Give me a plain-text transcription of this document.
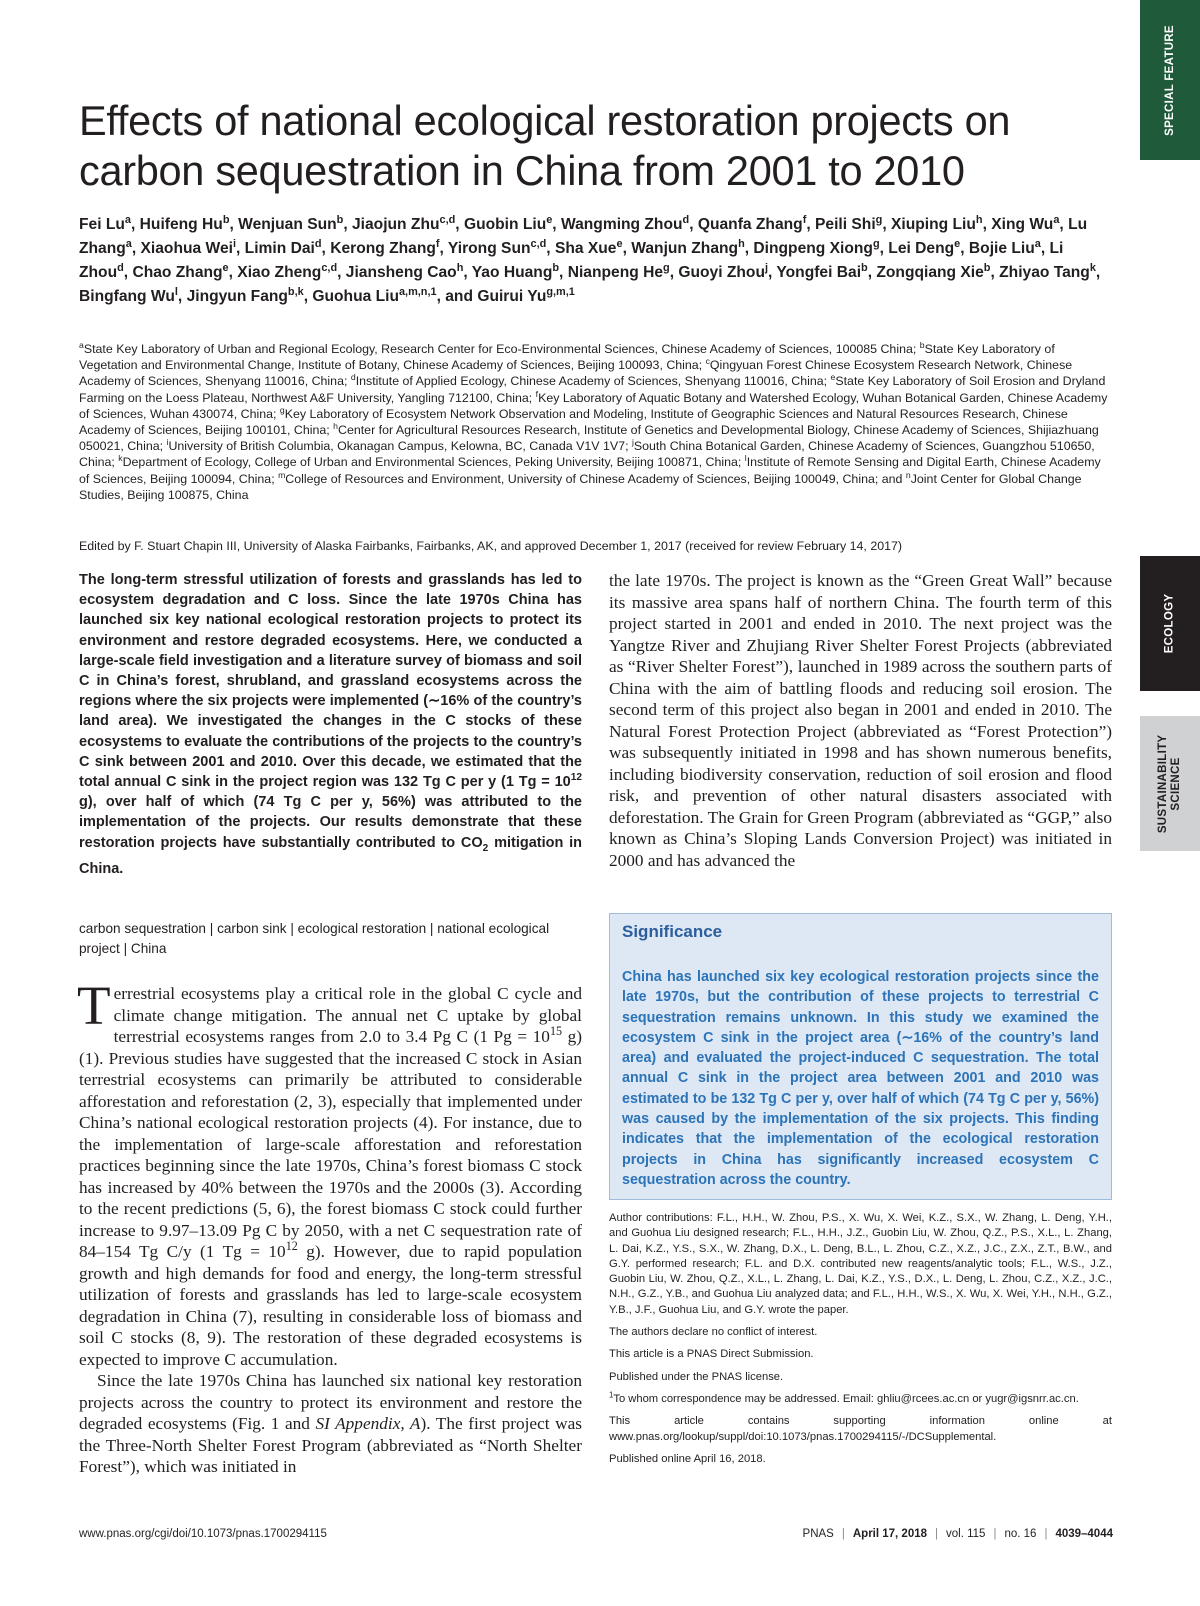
SPECIAL FEATURE
ECOLOGY
SUSTAINABILITY SCIENCE
Effects of national ecological restoration projects on carbon sequestration in China from 2001 to 2010
Fei Lu$^a$, Huifeng Hu$^b$, Wenjuan Sun$^b$, Jiaojun Zhu$^{c,d}$, Guobin Liu$^e$, Wangming Zhou$^d$, Quanfa Zhang$^f$, Peili Shi$^g$, Xiuping Liu$^h$, Xing Wu$^a$, Lu Zhang$^a$, Xiaohua Wei$^i$, Limin Dai$^d$, Kerong Zhang$^f$, Yirong Sun$^{c,d}$, Sha Xue$^e$, Wanjun Zhang$^h$, Dingpeng Xiong$^g$, Lei Deng$^e$, Bojie Liu$^a$, Li Zhou$^d$, Chao Zhang$^e$, Xiao Zheng$^{c,d}$, Jiansheng Cao$^h$, Yao Huang$^b$, Nianpeng He$^g$, Guoyi Zhou$^j$, Yongfei Bai$^b$, Zongqiang Xie$^b$, Zhiyao Tang$^k$, Bingfang Wu$^l$, Jingyun Fang$^{b,k}$, Guohua Liu$^{a,m,n,1}$, and Guirui Yu$^{g,m,1}$
$^a$State Key Laboratory of Urban and Regional Ecology, Research Center for Eco-Environmental Sciences, Chinese Academy of Sciences, 100085 China; $^b$State Key Laboratory of Vegetation and Environmental Change, Institute of Botany, Chinese Academy of Sciences, Beijing 100093, China; $^c$Qingyuan Forest Chinese Ecosystem Research Network, Chinese Academy of Sciences, Shenyang 110016, China; $^d$Institute of Applied Ecology, Chinese Academy of Sciences, Shenyang 110016, China; $^e$State Key Laboratory of Soil Erosion and Dryland Farming on the Loess Plateau, Northwest A&F University, Yangling 712100, China; $^f$Key Laboratory of Aquatic Botany and Watershed Ecology, Wuhan Botanical Garden, Chinese Academy of Sciences, Wuhan 430074, China; $^g$Key Laboratory of Ecosystem Network Observation and Modeling, Institute of Geographic Sciences and Natural Resources Research, Chinese Academy of Sciences, Beijing 100101, China; $^h$Center for Agricultural Resources Research, Institute of Genetics and Developmental Biology, Chinese Academy of Sciences, Shijiazhuang 050021, China; $^i$University of British Columbia, Okanagan Campus, Kelowna, BC, Canada V1V 1V7; $^j$South China Botanical Garden, Chinese Academy of Sciences, Guangzhou 510650, China; $^k$Department of Ecology, College of Urban and Environmental Sciences, Peking University, Beijing 100871, China; $^l$Institute of Remote Sensing and Digital Earth, Chinese Academy of Sciences, Beijing 100094, China; $^m$College of Resources and Environment, University of Chinese Academy of Sciences, Beijing 100049, China; and $^n$Joint Center for Global Change Studies, Beijing 100875, China
Edited by F. Stuart Chapin III, University of Alaska Fairbanks, Fairbanks, AK, and approved December 1, 2017 (received for review February 14, 2017)
The long-term stressful utilization of forests and grasslands has led to ecosystem degradation and C loss. Since the late 1970s China has launched six key national ecological restoration projects to protect its environment and restore degraded ecosystems. Here, we conducted a large-scale field investigation and a literature survey of biomass and soil C in China’s forest, shrubland, and grassland ecosystems across the regions where the six projects were implemented (∼16% of the country’s land area). We investigated the changes in the C stocks of these ecosystems to evaluate the contributions of the projects to the country’s C sink between 2001 and 2010. Over this decade, we estimated that the total annual C sink in the project region was 132 Tg C per y (1 $Tg = 10^{12}$ g), over half of which (74 Tg C per y, 56%) was attributed to the implementation of the projects. Our results demonstrate that these restoration projects have substantially contributed to $CO_2$ mitigation in China.
carbon sequestration | carbon sink | ecological restoration | national ecological project | China

Terrestrial ecosystems play a critical role in the global C cycle and climate change mitigation. The annual net C uptake by global terrestrial ecosystems ranges from 2.0 to 3.4 Pg C (1 $Pg = 10^{15}$ g) (1). Previous studies have suggested that the increased C stock in Asian terrestrial ecosystems can primarily be attributed to considerable afforestation and reforestation (2, 3), especially that implemented under China’s national ecological restoration projects (4). For instance, due to the implementation of large-scale afforestation and reforestation practices beginning since the late 1970s, China’s forest biomass C stock has increased by 40% between the 1970s and the 2000s (3). According to the recent predictions (5, 6), the forest biomass C stock could further increase to 9.97–13.09 Pg C by 2050, with a net C sequestration rate of 84–154 Tg C/y (1 $Tg = 10^{12}$ g). However, due to rapid population growth and high demands for food and energy, the long-term stressful utilization of forests and grasslands has led to large-scale ecosystem degradation in China (7), resulting in considerable loss of biomass and soil C stocks (8, 9). The restoration of these degraded ecosystems is expected to improve C accumulation.

Since the late 1970s China has launched six national key restoration projects across the country to protect its environment and restore the degraded ecosystems (Fig. 1 and SI Appendix, A). The first project was the Three-North Shelter Forest Program (abbreviated as “North Shelter Forest”), which was initiated in

the late 1970s. The project is known as the “Green Great Wall” because its massive area spans half of northern China. The fourth term of this project started in 2001 and ended in 2010. The next project was the Yangtze River and Zhujiang River Shelter Forest Projects (abbreviated as “River Shelter Forest”), launched in 1989 across the southern parts of China with the aim of battling floods and reducing soil erosion. The second term of this project also began in 2001 and ended in 2010. The Natural Forest Protection Project (abbreviated as “Forest Protection”) was subsequently initiated in 1998 and has shown numerous benefits, including biodiversity conservation, reduction of soil erosion and flood risk, and prevention of other natural disasters associated with deforestation. The Grain for Green Program (abbreviated as “GGP,” also known as China’s Sloping Lands Conversion Project) was initiated in 2000 and has advanced the

Significance
China has launched six key ecological restoration projects since the late 1970s, but the contribution of these projects to terrestrial C sequestration remains unknown. In this study we examined the ecosystem C sink in the project area (∼16% of the country’s land area) and evaluated the project-induced C sequestration. The total annual C sink in the project area between 2001 and 2010 was estimated to be 132 Tg C per y, over half of which (74 Tg C per y, 56%) was caused by the implementation of the six projects. This finding indicates that the implementation of the ecological restoration projects in China has significantly increased ecosystem C sequestration across the country.

Author contributions: F.L., H.H., W. Zhou, P.S., X. Wu, X. Wei, K.Z., S.X., W. Zhang, L. Deng, Y.H., and Guohua Liu designed research; F.L., H.H., J.Z., Guobin Liu, W. Zhou, Q.Z., P.S., X.L., L. Zhang, L. Dai, K.Z., Y.S., S.X., W. Zhang, D.X., L. Deng, B.L., L. Zhou, C.Z., X.Z., J.C., Z.X., Z.T., B.W., and G.Y. performed research; F.L. and D.X. contributed new reagents/analytic tools; F.L., W.S., J.Z., Guobin Liu, W. Zhou, Q.Z., X.L., L. Zhang, L. Dai, K.Z., Y.S., D.X., L. Deng, L. Zhou, C.Z., X.Z., J.C., N.H., G.Z., Y.B., and Guohua Liu analyzed data; and F.L., H.H., W.S., X. Wu, X. Wei, Y.H., N.H., G.Z., Y.B., J.F., Guohua Liu, and G.Y. wrote the paper.

The authors declare no conflict of interest.

This article is a PNAS Direct Submission.

Published under the PNAS license.

$^1$To whom correspondence may be addressed. Email: ghliu@rcees.ac.cn or yugr@igsnrr.ac.cn.

This article contains supporting information online at www.pnas.org/lookup/suppl/doi:10.1073/pnas.1700294115/-/DCSupplemental.

Published online April 16, 2018.

www.pnas.org/cgi/doi/10.1073/pnas.1700294115	PNAS | April 17, 2018 | vol. 115 | no. 16 | 4039–4044
